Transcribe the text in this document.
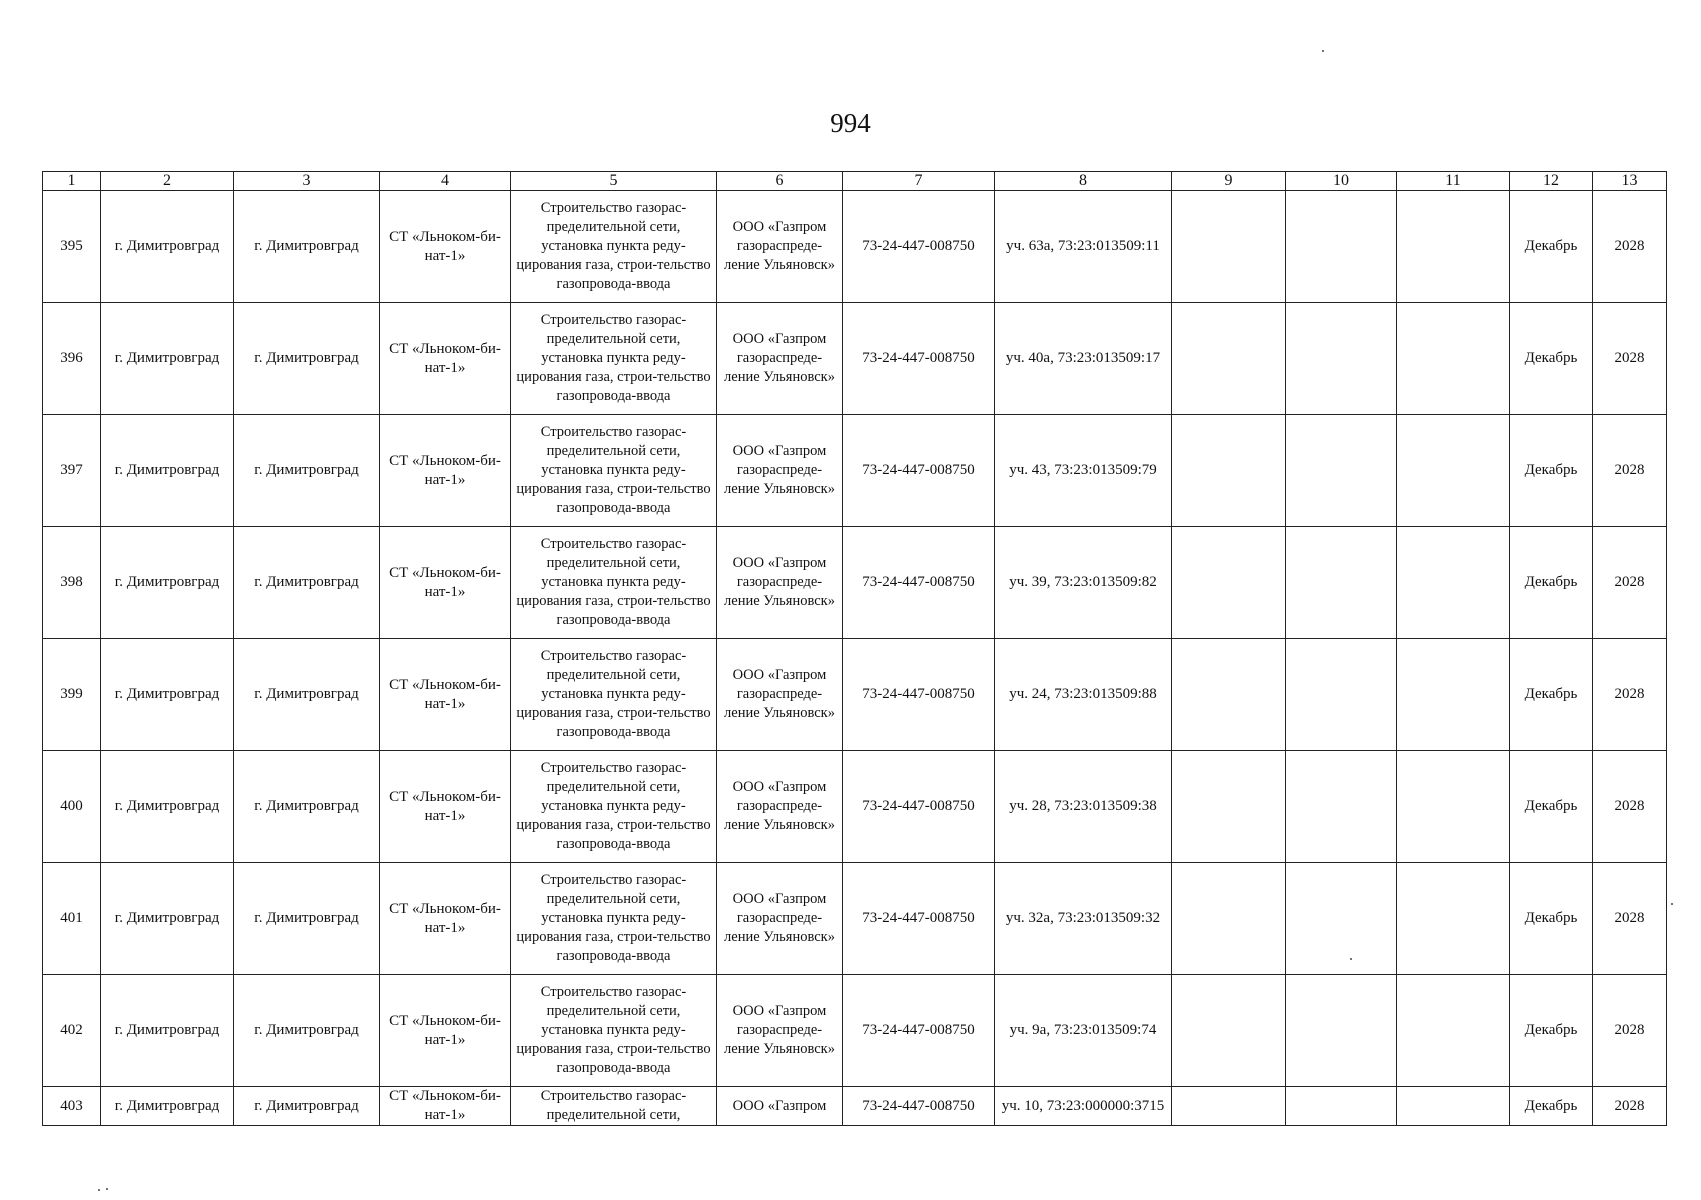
994
1	2	3	4	5	6	7	8	9	10	11	12	13
395	г. Димитровград	г. Димитровград	СТ «Льноком-би-нат-1»	Строительство газорас-пределительной сети, установка пункта реду-цирования газа, строи-тельство газопровода-ввода	ООО «Газпром газораспреде-ление Ульяновск»	73-24-447-008750	уч. 63а, 73:23:013509:11				Декабрь	2028
396	г. Димитровград	г. Димитровград	СТ «Льноком-би-нат-1»	Строительство газорас-пределительной сети, установка пункта реду-цирования газа, строи-тельство газопровода-ввода	ООО «Газпром газораспреде-ление Ульяновск»	73-24-447-008750	уч. 40а, 73:23:013509:17				Декабрь	2028
397	г. Димитровград	г. Димитровград	СТ «Льноком-би-нат-1»	Строительство газорас-пределительной сети, установка пункта реду-цирования газа, строи-тельство газопровода-ввода	ООО «Газпром газораспреде-ление Ульяновск»	73-24-447-008750	уч. 43, 73:23:013509:79				Декабрь	2028
398	г. Димитровград	г. Димитровград	СТ «Льноком-би-нат-1»	Строительство газорас-пределительной сети, установка пункта реду-цирования газа, строи-тельство газопровода-ввода	ООО «Газпром газораспреде-ление Ульяновск»	73-24-447-008750	уч. 39, 73:23:013509:82				Декабрь	2028
399	г. Димитровград	г. Димитровград	СТ «Льноком-би-нат-1»	Строительство газорас-пределительной сети, установка пункта реду-цирования газа, строи-тельство газопровода-ввода	ООО «Газпром газораспреде-ление Ульяновск»	73-24-447-008750	уч. 24, 73:23:013509:88				Декабрь	2028
400	г. Димитровград	г. Димитровград	СТ «Льноком-би-нат-1»	Строительство газорас-пределительной сети, установка пункта реду-цирования газа, строи-тельство газопровода-ввода	ООО «Газпром газораспреде-ление Ульяновск»	73-24-447-008750	уч. 28, 73:23:013509:38				Декабрь	2028
401	г. Димитровград	г. Димитровград	СТ «Льноком-би-нат-1»	Строительство газорас-пределительной сети, установка пункта реду-цирования газа, строи-тельство газопровода-ввода	ООО «Газпром газораспреде-ление Ульяновск»	73-24-447-008750	уч. 32а, 73:23:013509:32				Декабрь	2028
402	г. Димитровград	г. Димитровград	СТ «Льноком-би-нат-1»	Строительство газорас-пределительной сети, установка пункта реду-цирования газа, строи-тельство газопровода-ввода	ООО «Газпром газораспреде-ление Ульяновск»	73-24-447-008750	уч. 9а, 73:23:013509:74				Декабрь	2028
403	г. Димитровград	г. Димитровград	СТ «Льноком-би-нат-1»	Строительство газорас-пределительной сети,	ООО «Газпром	73-24-447-008750	уч. 10, 73:23:000000:3715				Декабрь	2028
